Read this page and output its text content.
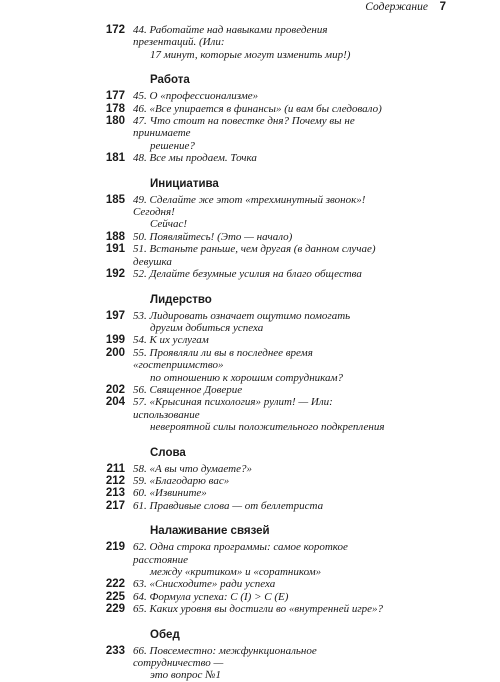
Содержание 7
172 44. Работайте над навыками проведения презентаций. (Или:
17 минут, которые могут изменить мир!)
Работа
177 45. О «профессионализме»
178 46. «Все упирается в финансы» (и вам бы следовало)
180 47. Что стоит на повестке дня? Почему вы не принимаете
решение?
181 48. Все мы продаем. Точка
Инициатива
185 49. Сделайте же этот «трехминутный звонок»! Сегодня!
Сейчас!
188 50. Появляйтесь! (Это — начало)
191 51. Встаньте раньше, чем другая (в данном случае) девушка
192 52. Делайте безумные усилия на благо общества
Лидерство
197 53. Лидировать означает ощутимо помогать
другим добиться успеха
199 54. К их услугам
200 55. Проявляли ли вы в последнее время «гостеприимство»
по отношению к хорошим сотрудникам?
202 56. Священное Доверие
204 57. «Крысиная психология» рулит! — Или: использование
невероятной силы положительного подкрепления
Слова
211 58. «А вы что думаете?»
212 59. «Благодарю вас»
213 60. «Извините»
217 61. Правдивые слова — от беллетриста
Налаживание связей
219 62. Одна строка программы: самое короткое расстояние
между «критиком» и «соратником»
222 63. «Снисходите» ради успеха
225 64. Формула успеха: С (I) > С (Е)
229 65. Каких уровня вы достигли во «внутренней игре»?
Обед
233 66. Повсеместно: межфункциональное сотрудничество —
это вопрос №1
